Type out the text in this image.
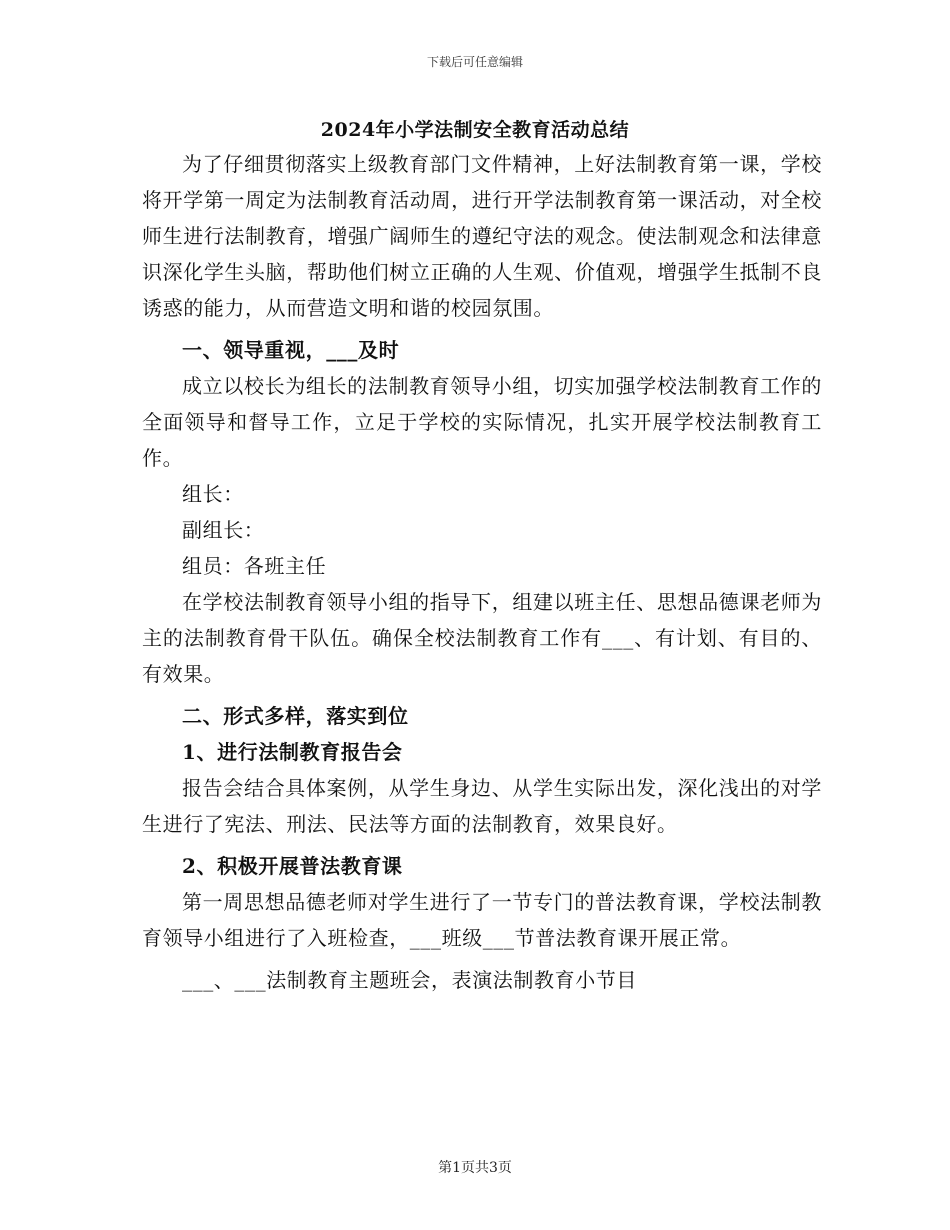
下载后可任意编辑
2024年小学法制安全教育活动总结

为了仔细贯彻落实上级教育部门文件精神，上好法制教育第一课，学校将开学第一周定为法制教育活动周，进行开学法制教育第一课活动，对全校师生进行法制教育，增强广阔师生的遵纪守法的观念。使法制观念和法律意识深化学生头脑，帮助他们树立正确的人生观、价值观，增强学生抵制不良诱惑的能力，从而营造文明和谐的校园氛围。

一、领导重视，___及时

成立以校长为组长的法制教育领导小组，切实加强学校法制教育工作的全面领导和督导工作，立足于学校的实际情况，扎实开展学校法制教育工作。

组长：

副组长：

组员：各班主任

在学校法制教育领导小组的指导下，组建以班主任、思想品德课老师为主的法制教育骨干队伍。确保全校法制教育工作有___、有计划、有目的、有效果。

二、形式多样，落实到位

1、进行法制教育报告会

报告会结合具体案例，从学生身边、从学生实际出发，深化浅出的对学生进行了宪法、刑法、民法等方面的法制教育，效果良好。

2、积极开展普法教育课

第一周思想品德老师对学生进行了一节专门的普法教育课，学校法制教育领导小组进行了入班检查，___班级___节普法教育课开展正常。

___、___法制教育主题班会，表演法制教育小节目

第1页共3页
